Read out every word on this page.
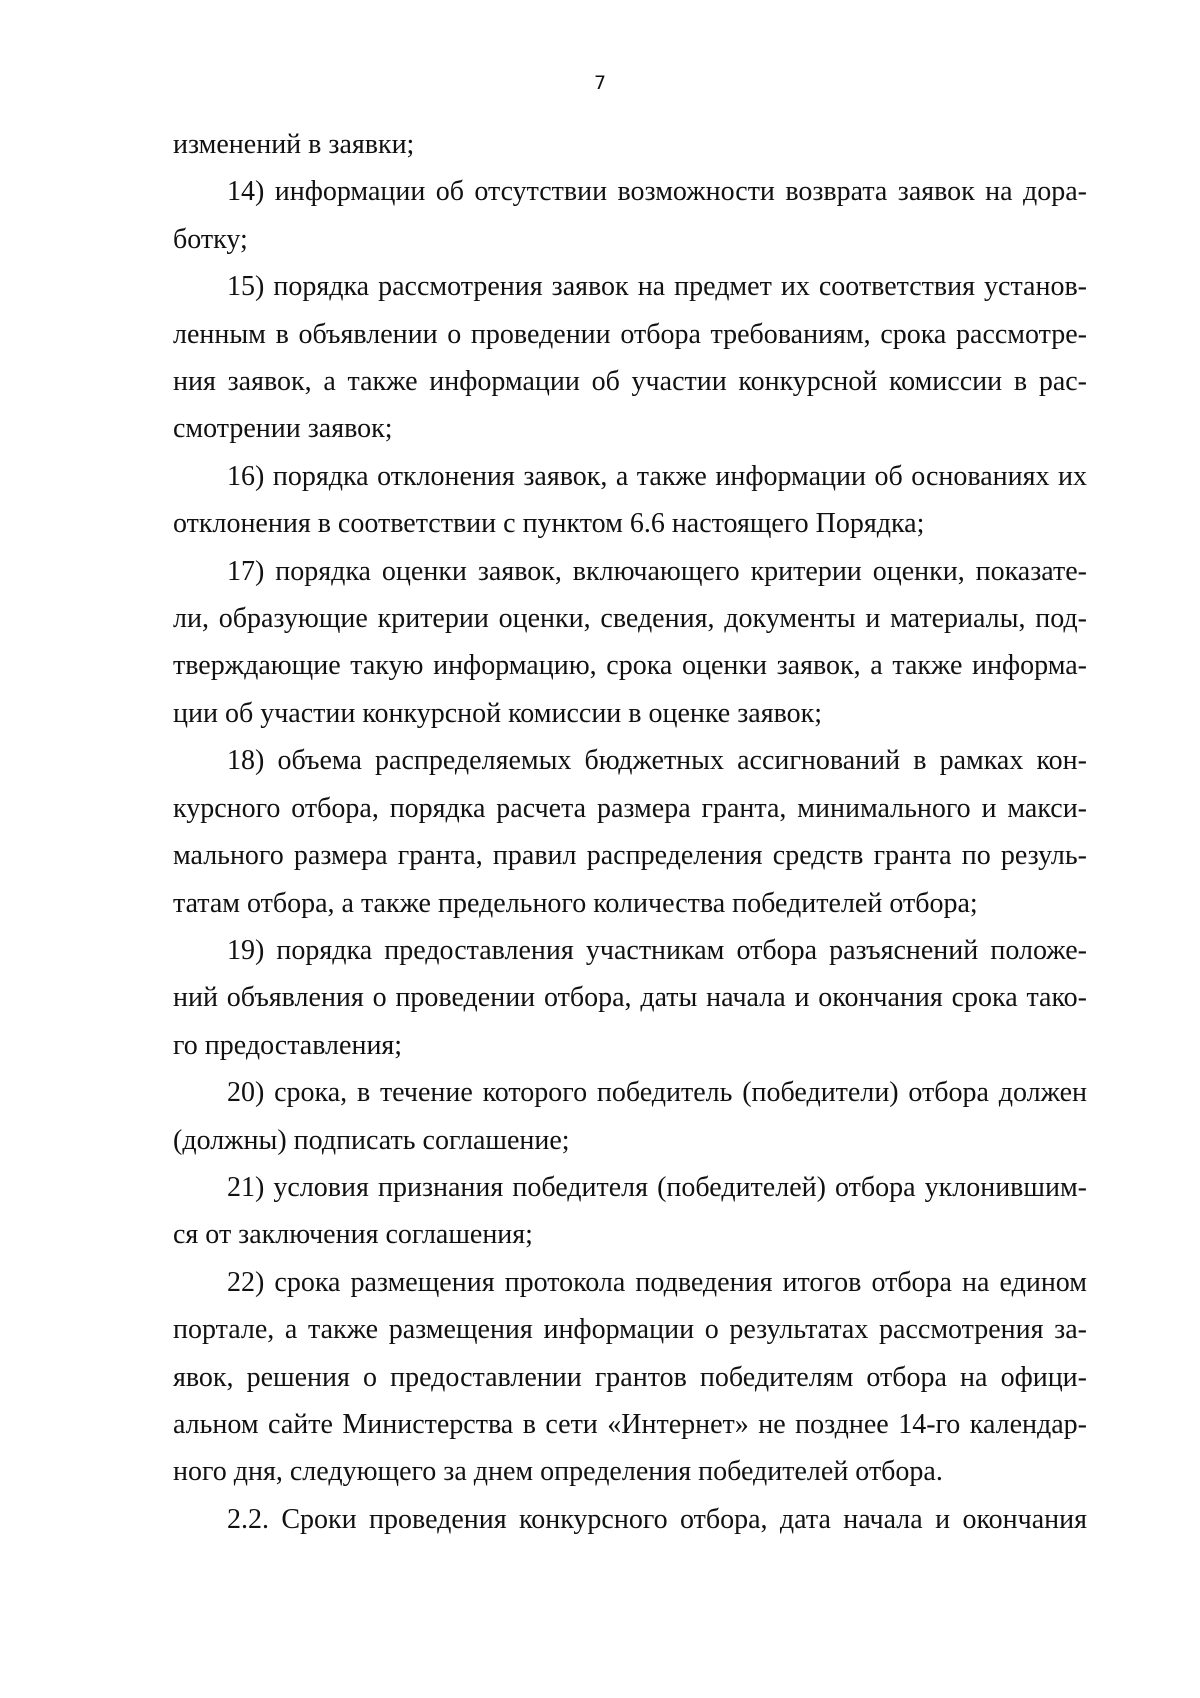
7
изменений в заявки;
14) информации об отсутствии возможности возврата заявок на дора-
ботку;
15) порядка рассмотрения заявок на предмет их соответствия установ-
ленным в объявлении о проведении отбора требованиям, срока рассмотре-
ния заявок, а также информации об участии конкурсной комиссии в рас-
смотрении заявок;
16) порядка отклонения заявок, а также информации об основаниях их
отклонения в соответствии с пунктом 6.6 настоящего Порядка;
17) порядка оценки заявок, включающего критерии оценки, показате-
ли, образующие критерии оценки, сведения, документы и материалы, под-
тверждающие такую информацию, срока оценки заявок, а также информа-
ции об участии конкурсной комиссии в оценке заявок;
18) объема распределяемых бюджетных ассигнований в рамках кон-
курсного отбора, порядка расчета размера гранта, минимального и макси-
мального размера гранта, правил распределения средств гранта по резуль-
татам отбора, а также предельного количества победителей отбора;
19) порядка предоставления участникам отбора разъяснений положе-
ний объявления о проведении отбора, даты начала и окончания срока тако-
го предоставления;
20) срока, в течение которого победитель (победители) отбора должен
(должны) подписать соглашение;
21) условия признания победителя (победителей) отбора уклонившим-
ся от заключения соглашения;
22) срока размещения протокола подведения итогов отбора на едином
портале, а также размещения информации о результатах рассмотрения за-
явок, решения о предоставлении грантов победителям отбора на офици-
альном сайте Министерства в сети «Интернет» не позднее 14-го календар-
ного дня, следующего за днем определения победителей отбора.
2.2. Сроки проведения конкурсного отбора, дата начала и окончания
